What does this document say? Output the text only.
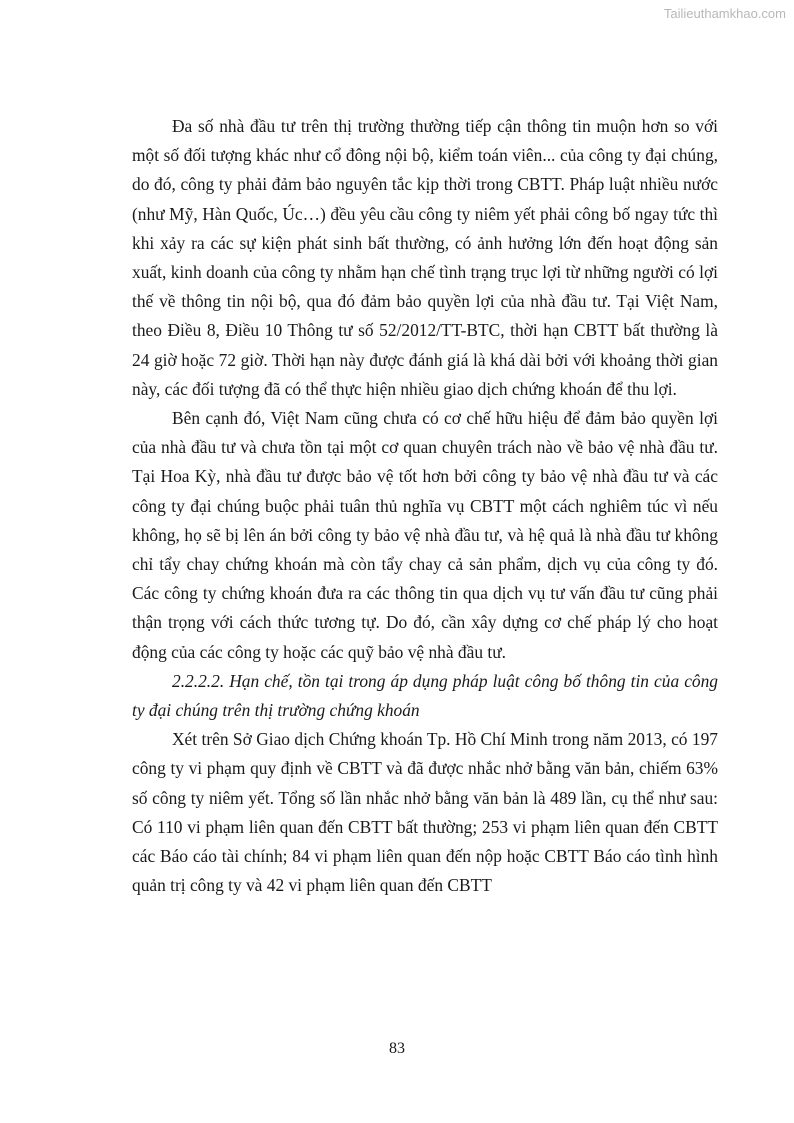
Tailieuthamkhao.com

Đa số nhà đầu tư trên thị trường thường tiếp cận thông tin muộn hơn so với một số đối tượng khác như cổ đông nội bộ, kiểm toán viên... của công ty đại chúng, do đó, công ty phải đảm bảo nguyên tắc kịp thời trong CBTT. Pháp luật nhiều nước (như Mỹ, Hàn Quốc, Úc…) đều yêu cầu công ty niêm yết phải công bố ngay tức thì khi xảy ra các sự kiện phát sinh bất thường, có ảnh hưởng lớn đến hoạt động sản xuất, kinh doanh của công ty nhằm hạn chế tình trạng trục lợi từ những người có lợi thế về thông tin nội bộ, qua đó đảm bảo quyền lợi của nhà đầu tư. Tại Việt Nam, theo Điều 8, Điều 10 Thông tư số 52/2012/TT-BTC, thời hạn CBTT bất thường là 24 giờ hoặc 72 giờ. Thời hạn này được đánh giá là khá dài bởi với khoảng thời gian này, các đối tượng đã có thể thực hiện nhiều giao dịch chứng khoán để thu lợi.

Bên cạnh đó, Việt Nam cũng chưa có cơ chế hữu hiệu để đảm bảo quyền lợi của nhà đầu tư và chưa tồn tại một cơ quan chuyên trách nào về bảo vệ nhà đầu tư. Tại Hoa Kỳ, nhà đầu tư được bảo vệ tốt hơn bởi công ty bảo vệ nhà đầu tư và các công ty đại chúng buộc phải tuân thủ nghĩa vụ CBTT một cách nghiêm túc vì nếu không, họ sẽ bị lên án bởi công ty bảo vệ nhà đầu tư, và hệ quả là nhà đầu tư không chỉ tẩy chay chứng khoán mà còn tẩy chay cả sản phẩm, dịch vụ của công ty đó. Các công ty chứng khoán đưa ra các thông tin qua dịch vụ tư vấn đầu tư cũng phải thận trọng với cách thức tương tự. Do đó, cần xây dựng cơ chế pháp lý cho hoạt động của các công ty hoặc các quỹ bảo vệ nhà đầu tư.

2.2.2.2. Hạn chế, tồn tại trong áp dụng pháp luật công bố thông tin của công ty đại chúng trên thị trường chứng khoán

Xét trên Sở Giao dịch Chứng khoán Tp. Hồ Chí Minh trong năm 2013, có 197 công ty vi phạm quy định về CBTT và đã được nhắc nhở bằng văn bản, chiếm 63% số công ty niêm yết. Tổng số lần nhắc nhở bằng văn bản là 489 lần, cụ thể như sau: Có 110 vi phạm liên quan đến CBTT bất thường; 253 vi phạm liên quan đến CBTT các Báo cáo tài chính; 84 vi phạm liên quan đến nộp hoặc CBTT Báo cáo tình hình quản trị công ty và 42 vi phạm liên quan đến CBTT

83
